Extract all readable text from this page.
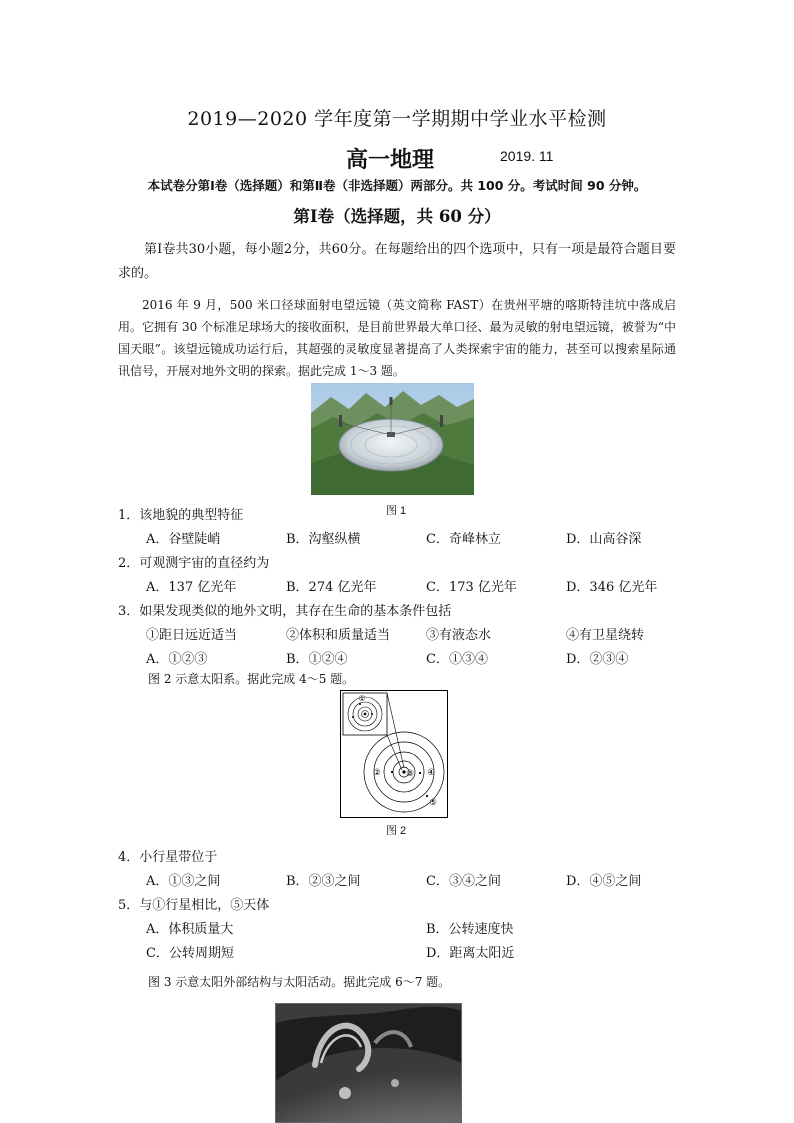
2019—2020 学年度第一学期期中学业水平检测
高一地理	2019. 11
本试卷分第Ⅰ卷（选择题）和第Ⅱ卷（非选择题）两部分。共 100 分。考试时间 90 分钟。
第Ⅰ卷（选择题，共 60 分）
第Ⅰ卷共30小题，每小题2分，共60分。在每题给出的四个选项中，只有一项是最符合题目要求的。
2016 年 9 月，500 米口径球面射电望远镜（英文简称 FAST）在贵州平塘的喀斯特洼坑中落成启用。它拥有 30 个标准足球场大的接收面积，是目前世界最大单口径、最为灵敏的射电望远镜，被誉为“中国天眼”。该望远镜成功运行后，其超强的灵敏度显著提高了人类探索宇宙的能力，甚至可以搜索星际通讯信号，开展对地外文明的探索。据此完成 1～3 题。
图 1
1．该地貌的典型特征
A．谷壁陡峭	B．沟壑纵横	C．奇峰林立	D．山高谷深
2．可观测宇宙的直径约为
A．137 亿光年	B．274 亿光年	C．173 亿光年	D．346 亿光年
3．如果发现类似的地外文明，其存在生命的基本条件包括
①距日远近适当	②体积和质量适当	③有液态水	④有卫星绕转
A．①②③	B．①②④	C．①③④	D．②③④
图 2 示意太阳系。据此完成 4～5 题。
①
②	③ ④
⑤
图 2
4．小行星带位于
A．①③之间	B．②③之间	C．③④之间	D．④⑤之间
5．与①行星相比，⑤天体
A．体积质量大	B．公转速度快
C．公转周期短	D．距离太阳近
图 3 示意太阳外部结构与太阳活动。据此完成 6～7 题。
